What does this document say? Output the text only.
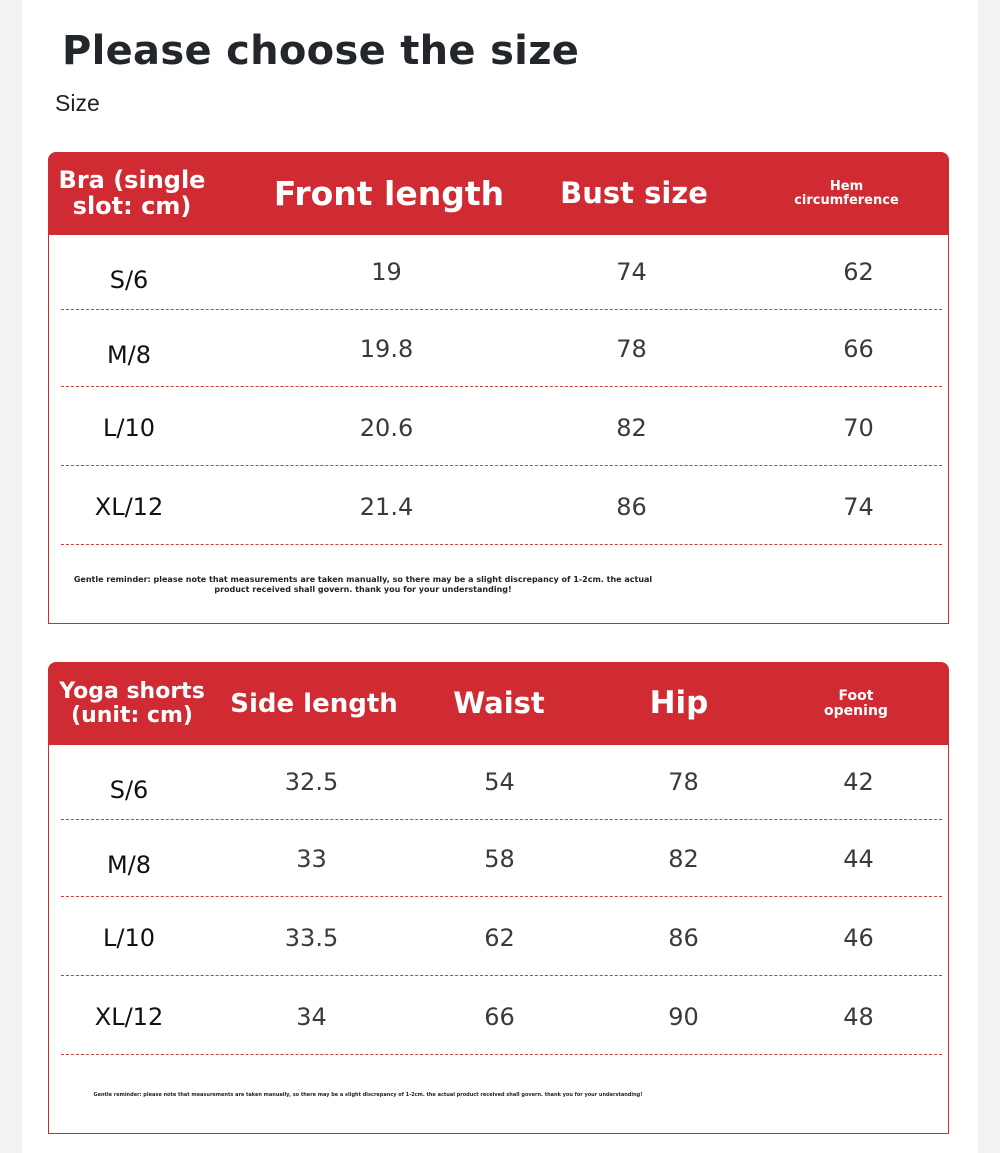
Please choose the size
Size
Bra (single slot: cm)	Front length	Bust size	Hem circumference
S/6	19	74	62
M/8	19.8	78	66
L/10	20.6	82	70
XL/12	21.4	86	74
Gentle reminder: please note that measurements are taken manually, so there may be a slight discrepancy of 1-2cm. the actual product received shall govern. thank you for your understanding!
Yoga shorts (unit: cm)	Side length	Waist	Hip	Foot opening
S/6	32.5	54	78	42
M/8	33	58	82	44
L/10	33.5	62	86	46
XL/12	34	66	90	48
Gentle reminder: please note that measurements are taken manually, so there may be a slight discrepancy of 1-2cm. the actual product received shall govern. thank you for your understanding!
